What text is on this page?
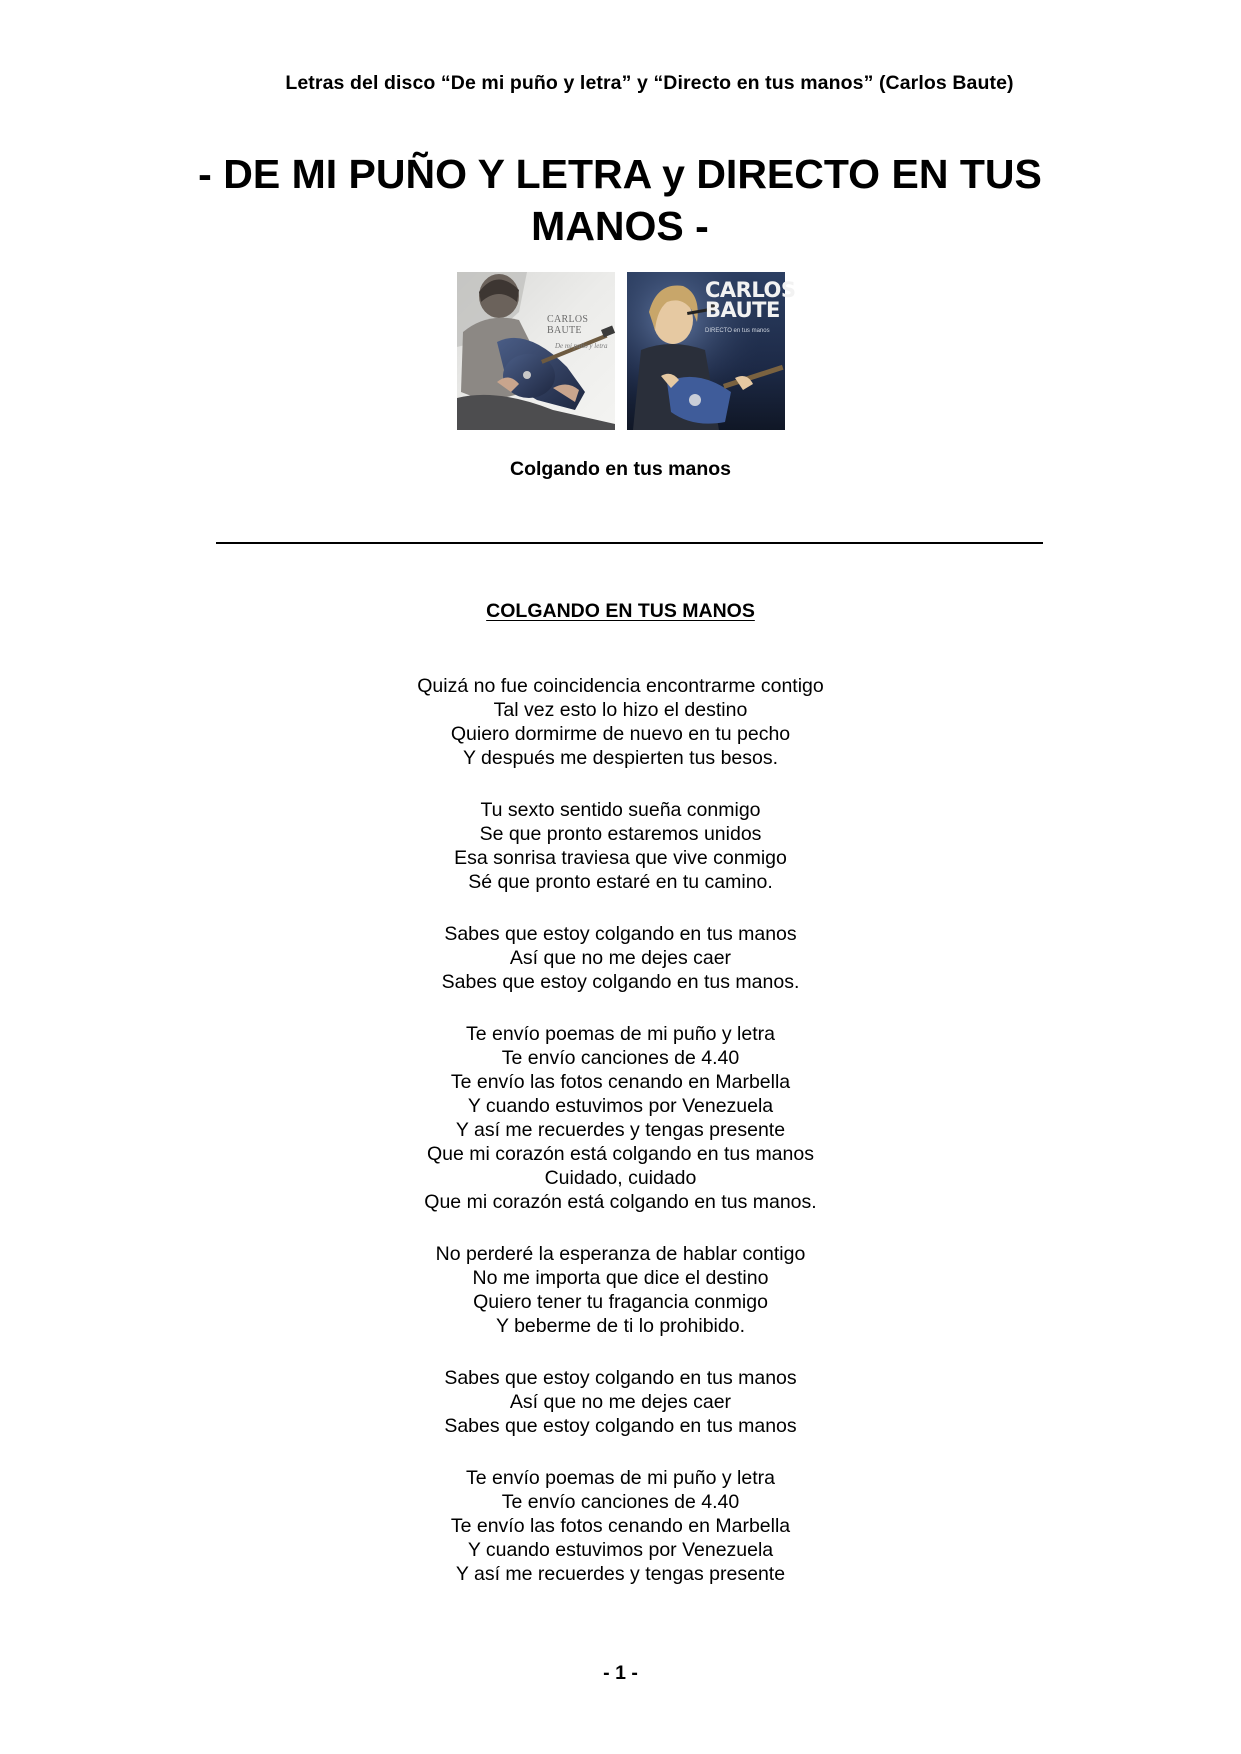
Letras del disco “De mi puño y letra” y “Directo en tus manos” (Carlos Baute)
- DE MI PUÑO Y LETRA y DIRECTO EN TUS MANOS -
CARLOS BAUTE
De mi puño y letra
CARLOS BAUTE
DIRECTO en tus manos
Colgando en tus manos
COLGANDO EN TUS MANOS
Quizá no fue coincidencia encontrarme contigo
Tal vez esto lo hizo el destino
Quiero dormirme de nuevo en tu pecho
Y después me despierten tus besos.
Tu sexto sentido sueña conmigo
Se que pronto estaremos unidos
Esa sonrisa traviesa que vive conmigo
Sé que pronto estaré en tu camino.
Sabes que estoy colgando en tus manos
Así que no me dejes caer
Sabes que estoy colgando en tus manos.
Te envío poemas de mi puño y letra
Te envío canciones de 4.40
Te envío las fotos cenando en Marbella
Y cuando estuvimos por Venezuela
Y así me recuerdes y tengas presente
Que mi corazón está colgando en tus manos
Cuidado, cuidado
Que mi corazón está colgando en tus manos.
No perderé la esperanza de hablar contigo
No me importa que dice el destino
Quiero tener tu fragancia conmigo
Y beberme de ti lo prohibido.
Sabes que estoy colgando en tus manos
Así que no me dejes caer
Sabes que estoy colgando en tus manos
Te envío poemas de mi puño y letra
Te envío canciones de 4.40
Te envío las fotos cenando en Marbella
Y cuando estuvimos por Venezuela
Y así me recuerdes y tengas presente
- 1 -
